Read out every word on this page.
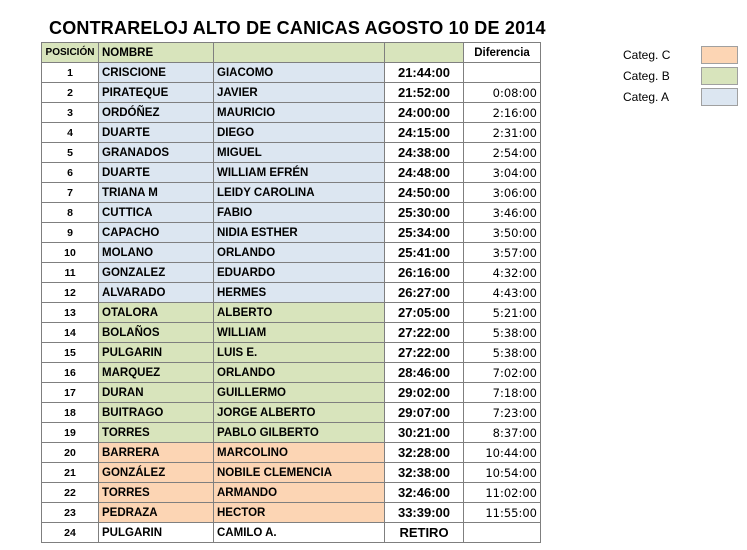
CONTRARELOJ ALTO DE CANICAS AGOSTO 10 DE 2014
POSICIÓN	NOMBRE			Diferencia
1	CRISCIONE	GIACOMO	21:44:00	
2	PIRATEQUE	JAVIER	21:52:00	0:08:00
3	ORDÓÑEZ	MAURICIO	24:00:00	2:16:00
4	DUARTE	DIEGO	24:15:00	2:31:00
5	GRANADOS	MIGUEL	24:38:00	2:54:00
6	DUARTE	WILLIAM EFRÉN	24:48:00	3:04:00
7	TRIANA M	LEIDY CAROLINA	24:50:00	3:06:00
8	CUTTICA	FABIO	25:30:00	3:46:00
9	CAPACHO	NIDIA ESTHER	25:34:00	3:50:00
10	MOLANO	ORLANDO	25:41:00	3:57:00
11	GONZALEZ	EDUARDO	26:16:00	4:32:00
12	ALVARADO	HERMES	26:27:00	4:43:00
13	OTALORA	ALBERTO	27:05:00	5:21:00
14	BOLAÑOS	WILLIAM	27:22:00	5:38:00
15	PULGARIN	LUIS E.	27:22:00	5:38:00
16	MARQUEZ	ORLANDO	28:46:00	7:02:00
17	DURAN	GUILLERMO	29:02:00	7:18:00
18	BUITRAGO	JORGE ALBERTO	29:07:00	7:23:00
19	TORRES	PABLO GILBERTO	30:21:00	8:37:00
20	BARRERA	MARCOLINO	32:28:00	10:44:00
21	GONZÁLEZ	NOBILE CLEMENCIA	32:38:00	10:54:00
22	TORRES	ARMANDO	32:46:00	11:02:00
23	PEDRAZA	HECTOR	33:39:00	11:55:00
24	PULGARIN	CAMILO A.	RETIRO	
Categ. C
Categ. B
Categ. A
